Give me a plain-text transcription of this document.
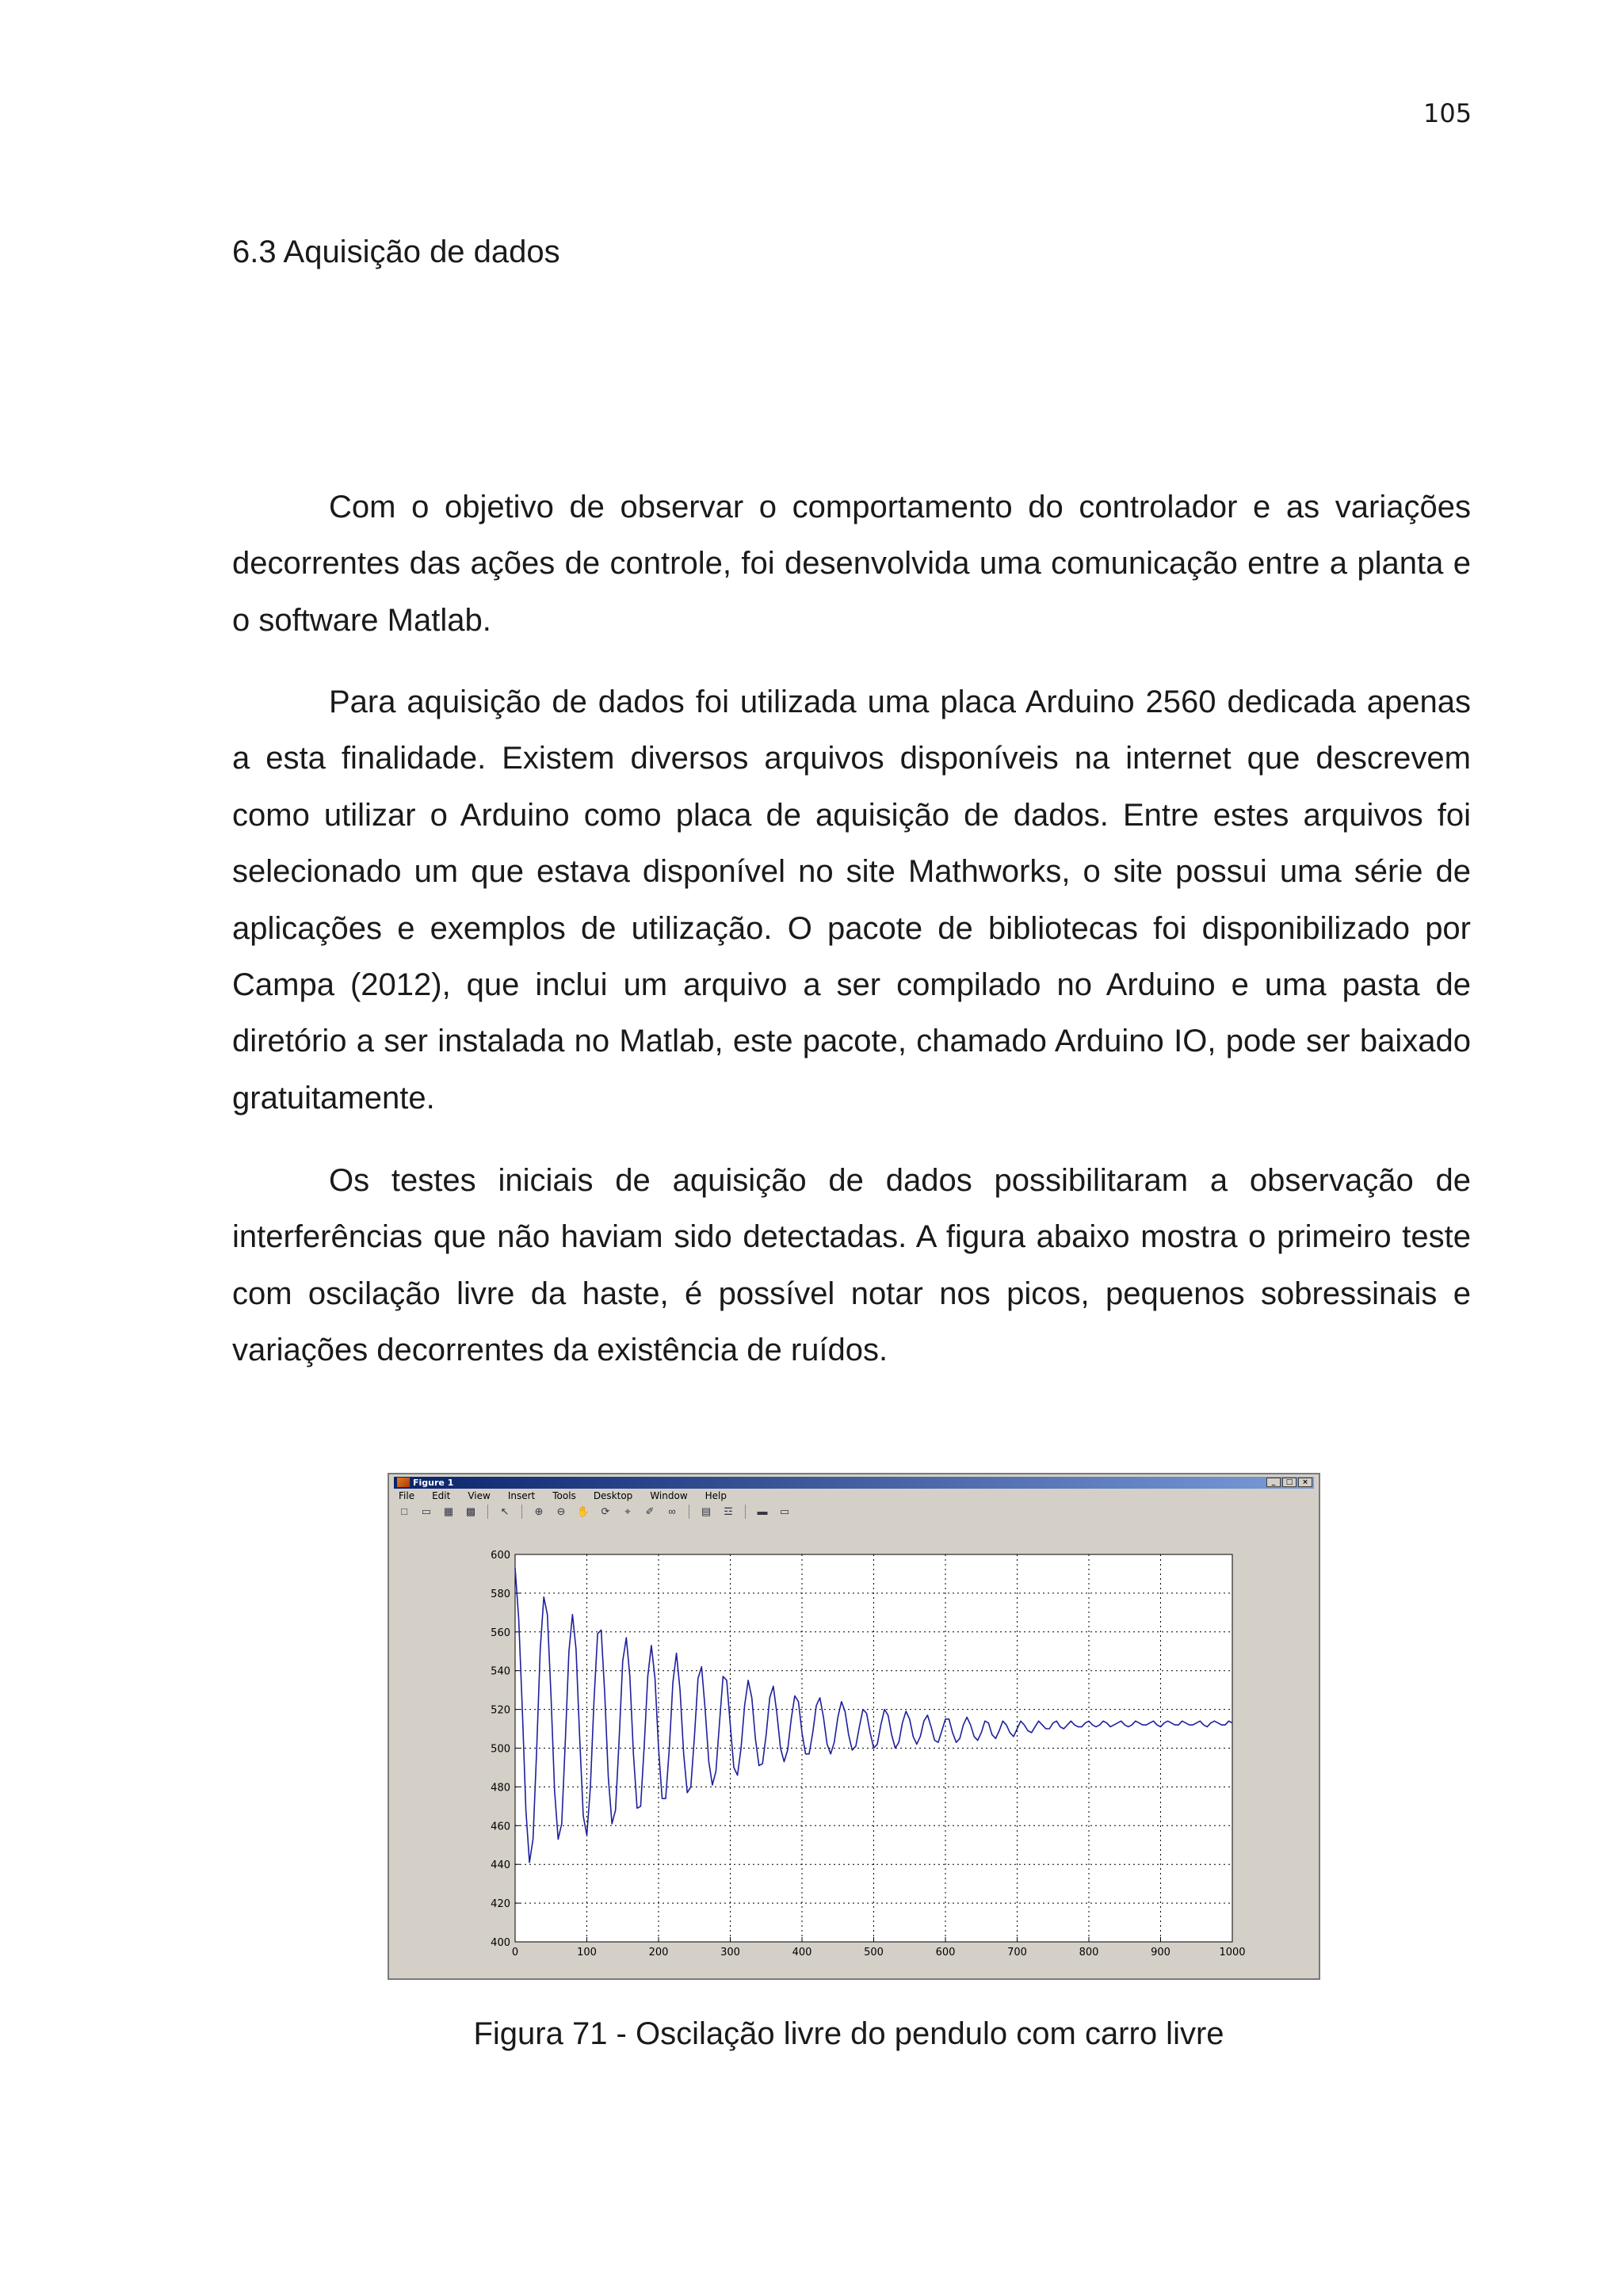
105
6.3 Aquisição de dados

Com o objetivo de observar o comportamento do controlador e as variações decorrentes das ações de controle, foi desenvolvida uma comunicação entre a planta e o software Matlab.

Para aquisição de dados foi utilizada uma placa Arduino 2560 dedicada apenas a esta finalidade. Existem diversos arquivos disponíveis na internet que descrevem como utilizar o Arduino como placa de aquisição de dados. Entre estes arquivos foi selecionado um que estava disponível no site Mathworks, o site possui uma série de aplicações e exemplos de utilização. O pacote de bibliotecas foi disponibilizado por Campa (2012), que inclui um arquivo a ser compilado no Arduino e uma pasta de diretório a ser instalada no Matlab, este pacote, chamado Arduino IO, pode ser baixado gratuitamente.

Os testes iniciais de aquisição de dados possibilitaram a observação de interferências que não haviam sido detectadas. A figura abaixo mostra o primeiro teste com oscilação livre da haste, é possível notar nos picos, pequenos sobressinais e variações decorrentes da existência de ruídos.

Figure 1	_	□	×
File Edit View Insert Tools Desktop Window Help
□	▭	▦	▩	↖	⊕	⊖	✋	⟳	⌖	✐	∞	▤	☲	▬	▭
0	100	200	300	400	500	600	700	800	900	1000
400
420
440
460
480
500
520
540
560
580
600

Figura 71 - Oscilação livre do pendulo com carro livre
